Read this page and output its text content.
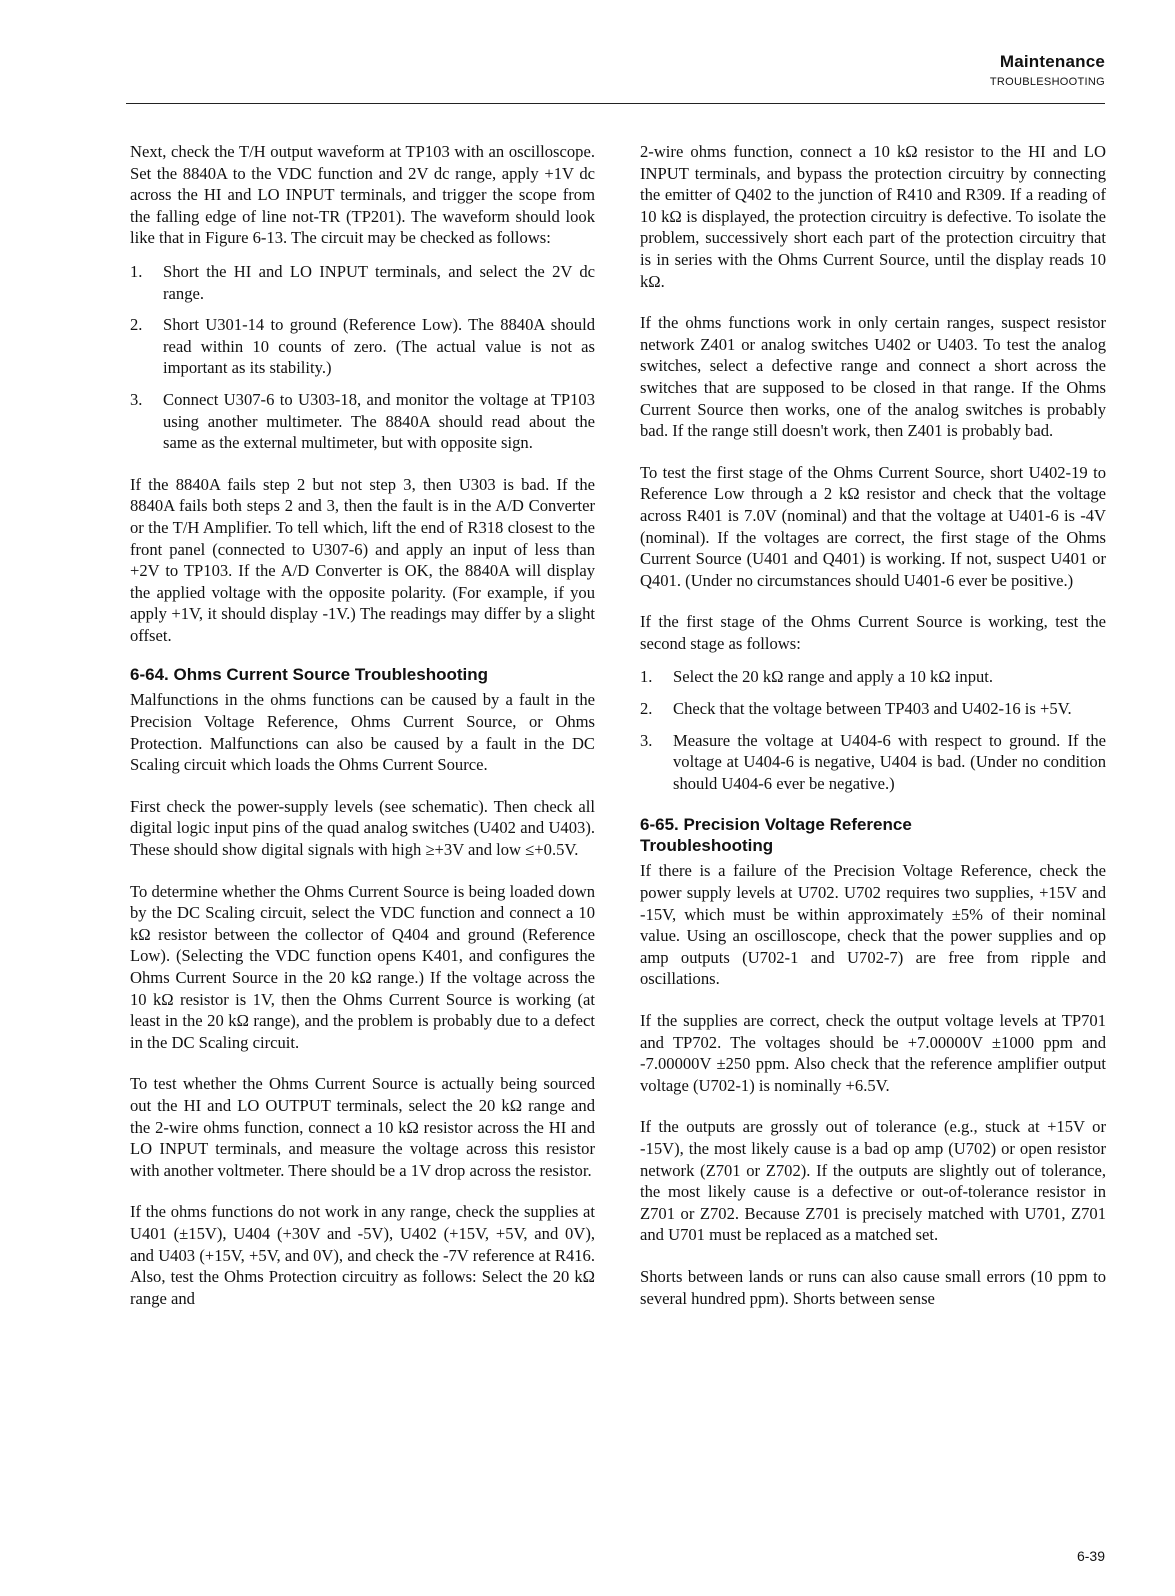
Maintenance
TROUBLESHOOTING

Next, check the T/H output waveform at TP103 with an oscilloscope. Set the 8840A to the VDC function and 2V dc range, apply +1V dc across the HI and LO INPUT terminals, and trigger the scope from the falling edge of line not-TR (TP201). The waveform should look like that in Figure 6-13. The circuit may be checked as follows:

1. Short the HI and LO INPUT terminals, and select the 2V dc range.
2. Short U301-14 to ground (Reference Low). The 8840A should read within 10 counts of zero. (The actual value is not as important as its stability.)
3. Connect U307-6 to U303-18, and monitor the voltage at TP103 using another multimeter. The 8840A should read about the same as the external multimeter, but with opposite sign.

If the 8840A fails step 2 but not step 3, then U303 is bad. If the 8840A fails both steps 2 and 3, then the fault is in the A/D Converter or the T/H Amplifier. To tell which, lift the end of R318 closest to the front panel (connected to U307-6) and apply an input of less than +2V to TP103. If the A/D Converter is OK, the 8840A will display the applied voltage with the opposite polarity. (For example, if you apply +1V, it should display -1V.) The readings may differ by a slight offset.

6-64. Ohms Current Source Troubleshooting

Malfunctions in the ohms functions can be caused by a fault in the Precision Voltage Reference, Ohms Current Source, or Ohms Protection. Malfunctions can also be caused by a fault in the DC Scaling circuit which loads the Ohms Current Source.

First check the power-supply levels (see schematic). Then check all digital logic input pins of the quad analog switches (U402 and U403). These should show digital signals with high ≥+3V and low ≤+0.5V.

To determine whether the Ohms Current Source is being loaded down by the DC Scaling circuit, select the VDC function and connect a 10 kΩ resistor between the collector of Q404 and ground (Reference Low). (Selecting the VDC function opens K401, and configures the Ohms Current Source in the 20 kΩ range.) If the voltage across the 10 kΩ resistor is 1V, then the Ohms Current Source is working (at least in the 20 kΩ range), and the problem is probably due to a defect in the DC Scaling circuit.

To test whether the Ohms Current Source is actually being sourced out the HI and LO OUTPUT terminals, select the 20 kΩ range and the 2-wire ohms function, connect a 10 kΩ resistor across the HI and LO INPUT terminals, and measure the voltage across this resistor with another voltmeter. There should be a 1V drop across the resistor.

If the ohms functions do not work in any range, check the supplies at U401 (±15V), U404 (+30V and -5V), U402 (+15V, +5V, and 0V), and U403 (+15V, +5V, and 0V), and check the -7V reference at R416. Also, test the Ohms Protection circuitry as follows: Select the 20 kΩ range and

2-wire ohms function, connect a 10 kΩ resistor to the HI and LO INPUT terminals, and bypass the protection circuitry by connecting the emitter of Q402 to the junction of R410 and R309. If a reading of 10 kΩ is displayed, the protection circuitry is defective. To isolate the problem, successively short each part of the protection circuitry that is in series with the Ohms Current Source, until the display reads 10 kΩ.

If the ohms functions work in only certain ranges, suspect resistor network Z401 or analog switches U402 or U403. To test the analog switches, select a defective range and connect a short across the switches that are supposed to be closed in that range. If the Ohms Current Source then works, one of the analog switches is probably bad. If the range still doesn't work, then Z401 is probably bad.

To test the first stage of the Ohms Current Source, short U402-19 to Reference Low through a 2 kΩ resistor and check that the voltage across R401 is 7.0V (nominal) and that the voltage at U401-6 is -4V (nominal). If the voltages are correct, the first stage of the Ohms Current Source (U401 and Q401) is working. If not, suspect U401 or Q401. (Under no circumstances should U401-6 ever be positive.)

If the first stage of the Ohms Current Source is working, test the second stage as follows:

1. Select the 20 kΩ range and apply a 10 kΩ input.
2. Check that the voltage between TP403 and U402-16 is +5V.
3. Measure the voltage at U404-6 with respect to ground. If the voltage at U404-6 is negative, U404 is bad. (Under no condition should U404-6 ever be negative.)
6-65. Precision Voltage Reference
Troubleshooting

If there is a failure of the Precision Voltage Reference, check the power supply levels at U702. U702 requires two supplies, +15V and -15V, which must be within approximately ±5% of their nominal value. Using an oscilloscope, check that the power supplies and op amp outputs (U702-1 and U702-7) are free from ripple and oscillations.

If the supplies are correct, check the output voltage levels at TP701 and TP702. The voltages should be +7.00000V ±1000 ppm and -7.00000V ±250 ppm. Also check that the reference amplifier output voltage (U702-1) is nominally +6.5V.

If the outputs are grossly out of tolerance (e.g., stuck at +15V or -15V), the most likely cause is a bad op amp (U702) or open resistor network (Z701 or Z702). If the outputs are slightly out of tolerance, the most likely cause is a defective or out-of-tolerance resistor in Z701 or Z702. Because Z701 is precisely matched with U701, Z701 and U701 must be replaced as a matched set.

Shorts between lands or runs can also cause small errors (10 ppm to several hundred ppm). Shorts between sense

6-39
